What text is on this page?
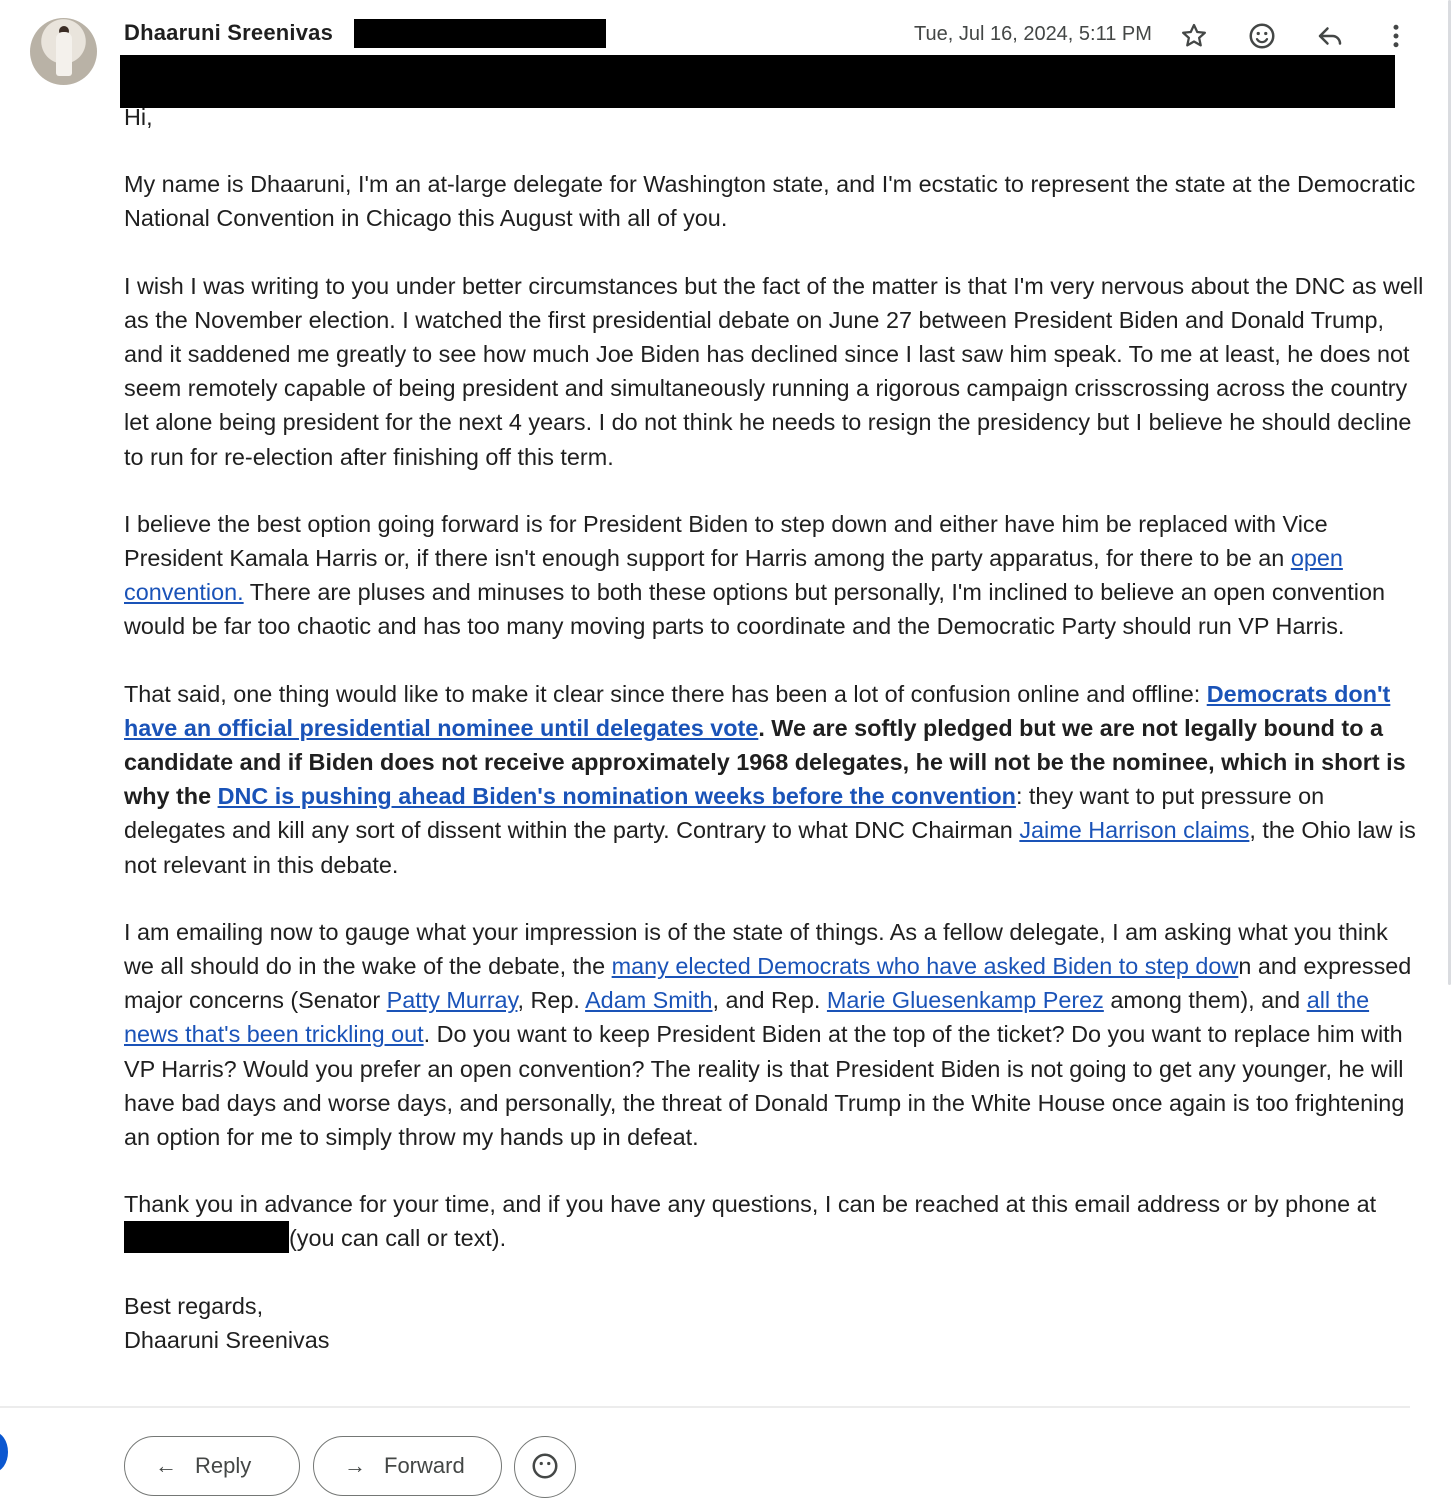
Dhaaruni Sreenivas	Tue, Jul 16, 2024, 5:11 PM

Hi,

My name is Dhaaruni, I'm an at-large delegate for Washington state, and I'm ecstatic to represent the state at the Democratic National Convention in Chicago this August with all of you.

I wish I was writing to you under better circumstances but the fact of the matter is that I'm very nervous about the DNC as well as the November election. I watched the first presidential debate on June 27 between President Biden and Donald Trump, and it saddened me greatly to see how much Joe Biden has declined since I last saw him speak. To me at least, he does not seem remotely capable of being president and simultaneously running a rigorous campaign crisscrossing across the country let alone being president for the next 4 years. I do not think he needs to resign the presidency but I believe he should decline to run for re-election after finishing off this term.

I believe the best option going forward is for President Biden to step down and either have him be replaced with Vice President Kamala Harris or, if there isn't enough support for Harris among the party apparatus, for there to be an open convention. There are pluses and minuses to both these options but personally, I'm inclined to believe an open convention would be far too chaotic and has too many moving parts to coordinate and the Democratic Party should run VP Harris.

That said, one thing would like to make it clear since there has been a lot of confusion online and offline: Democrats don't have an official presidential nominee until delegates vote. We are softly pledged but we are not legally bound to a candidate and if Biden does not receive approximately 1968 delegates, he will not be the nominee, which in short is why the DNC is pushing ahead Biden's nomination weeks before the convention: they want to put pressure on delegates and kill any sort of dissent within the party. Contrary to what DNC Chairman Jaime Harrison claims, the Ohio law is not relevant in this debate.

I am emailing now to gauge what your impression is of the state of things. As a fellow delegate, I am asking what you think we all should do in the wake of the debate, the many elected Democrats who have asked Biden to step down and expressed major concerns (Senator Patty Murray, Rep. Adam Smith, and Rep. Marie Gluesenkamp Perez among them), and all the news that's been trickling out. Do you want to keep President Biden at the top of the ticket? Do you want to replace him with VP Harris? Would you prefer an open convention? The reality is that President Biden is not going to get any younger, he will have bad days and worse days, and personally, the threat of Donald Trump in the White House once again is too frightening an option for me to simply throw my hands up in defeat.

Thank you in advance for your time, and if you have any questions, I can be reached at this email address or by phone at (you can call or text).

Best regards,
Dhaaruni Sreenivas

← Reply	→ Forward
